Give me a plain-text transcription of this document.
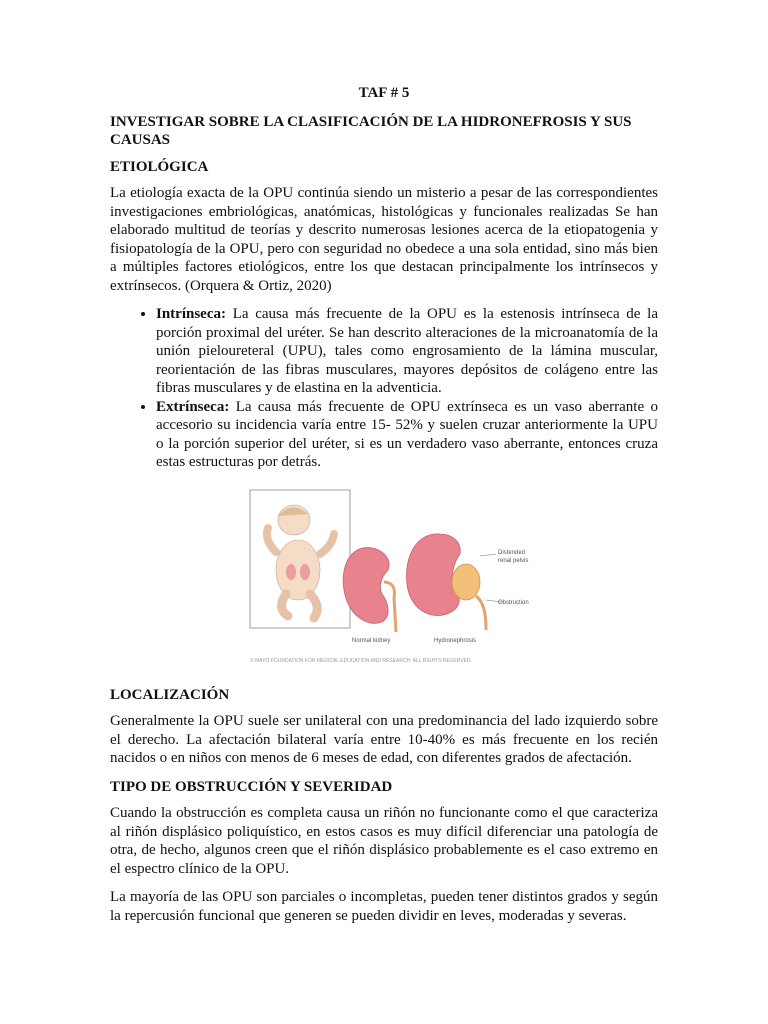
TAF # 5
INVESTIGAR SOBRE LA CLASIFICACIÓN DE LA HIDRONEFROSIS Y SUS CAUSAS
ETIOLÓGICA

La etiología exacta de la OPU continúa siendo un misterio a pesar de las correspondientes investigaciones embriológicas, anatómicas, histológicas y funcionales realizadas Se han elaborado multitud de teorías y descrito numerosas lesiones acerca de la etiopatogenia y fisiopatología de la OPU, pero con seguridad no obedece a una sola entidad, sino más bien a múltiples factores etiológicos, entre los que destacan principalmente los intrínsecos y extrínsecos. (Orquera & Ortiz, 2020)

• Intrínseca: La causa más frecuente de la OPU es la estenosis intrínseca de la porción proximal del uréter. Se han descrito alteraciones de la microanatomía de la unión pieloureteral (UPU), tales como engrosamiento de la lámina muscular, reorientación de las fibras musculares, mayores depósitos de colágeno entre las fibras musculares y de elastina en la adventicia.
• Extrínseca: La causa más frecuente de OPU extrínseca es un vaso aberrante o accesorio su incidencia varía entre 15- 52% y suelen cruzar anteriormente la UPU o la porción superior del uréter, si es un verdadero vaso aberrante, entonces cruza estas estructuras por detrás.
Normal kidney
Distended
renal pelvis
Obstruction
Hydronephrosis
© MAYO FOUNDATION FOR MEDICAL EDUCATION AND RESEARCH. ALL RIGHTS RESERVED.
LOCALIZACIÓN

Generalmente la OPU suele ser unilateral con una predominancia del lado izquierdo sobre el derecho. La afectación bilateral varía entre 10-40% es más frecuente en los recién nacidos o en niños con menos de 6 meses de edad, con diferentes grados de afectación.

TIPO DE OBSTRUCCIÓN Y SEVERIDAD

Cuando la obstrucción es completa causa un riñón no funcionante como el que caracteriza al riñón displásico poliquístico, en estos casos es muy difícil diferenciar una patología de otra, de hecho, algunos creen que el riñón displásico probablemente es el caso extremo en el espectro clínico de la OPU.

La mayoría de las OPU son parciales o incompletas, pueden tener distintos grados y según la repercusión funcional que generen se pueden dividir en leves, moderadas y severas.
